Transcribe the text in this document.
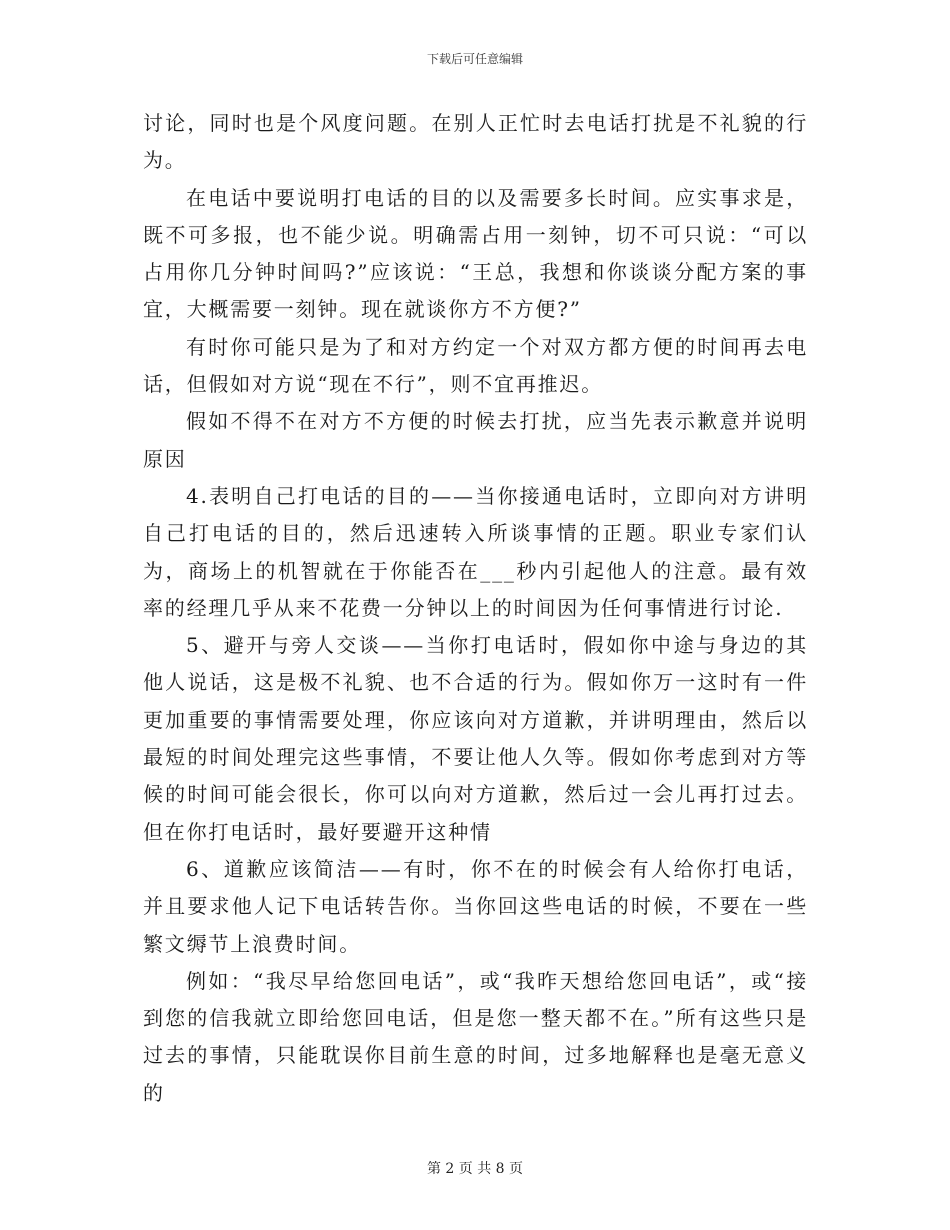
下载后可任意编辑

讨论，同时也是个风度问题。在别人正忙时去电话打扰是不礼貌的行为。

在电话中要说明打电话的目的以及需要多长时间。应实事求是，既不可多报，也不能少说。明确需占用一刻钟，切不可只说：“可以占用你几分钟时间吗?”应该说：“王总，我想和你谈谈分配方案的事宜，大概需要一刻钟。现在就谈你方不方便?”

有时你可能只是为了和对方约定一个对双方都方便的时间再去电话，但假如对方说“现在不行”，则不宜再推迟。

假如不得不在对方不方便的时候去打扰，应当先表示歉意并说明原因

4.表明自己打电话的目的——当你接通电话时，立即向对方讲明自己打电话的目的，然后迅速转入所谈事情的正题。职业专家们认为，商场上的机智就在于你能否在___秒内引起他人的注意。最有效率的经理几乎从来不花费一分钟以上的时间因为任何事情进行讨论.

5、避开与旁人交谈——当你打电话时，假如你中途与身边的其他人说话，这是极不礼貌、也不合适的行为。假如你万一这时有一件更加重要的事情需要处理，你应该向对方道歉，并讲明理由，然后以最短的时间处理完这些事情，不要让他人久等。假如你考虑到对方等候的时间可能会很长，你可以向对方道歉，然后过一会儿再打过去。但在你打电话时，最好要避开这种情

6、道歉应该简洁——有时，你不在的时候会有人给你打电话，并且要求他人记下电话转告你。当你回这些电话的时候，不要在一些繁文缛节上浪费时间。

例如：“我尽早给您回电话”，或“我昨天想给您回电话”，或“接到您的信我就立即给您回电话，但是您一整天都不在。”所有这些只是过去的事情，只能耽误你目前生意的时间，过多地解释也是毫无意义的

第 2 页 共 8 页
